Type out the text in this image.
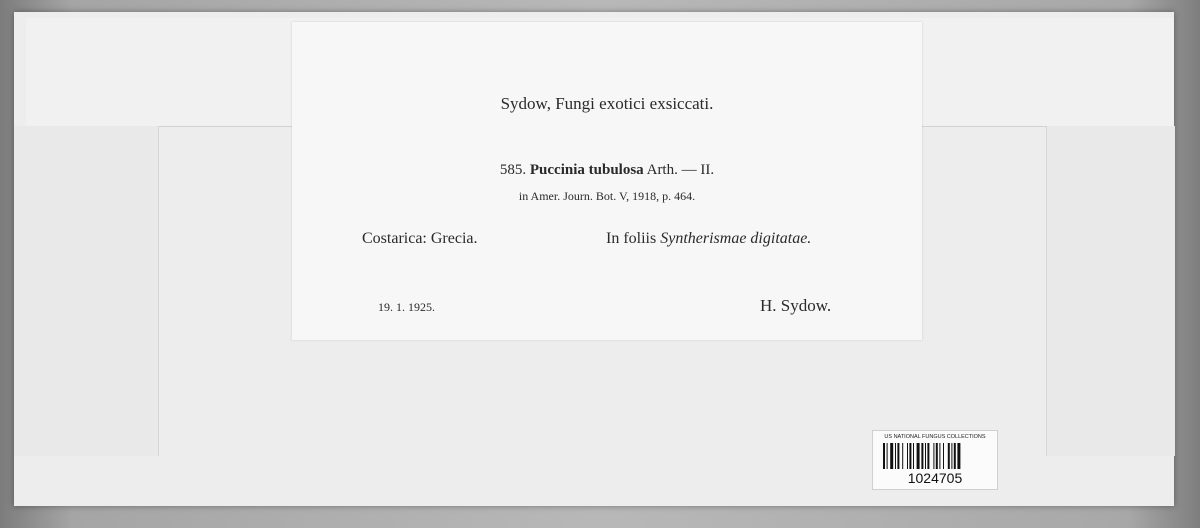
Sydow, Fungi exotici exsiccati.
585. Puccinia tubulosa Arth. — II.
in Amer. Journ. Bot. V, 1918, p. 464.
Costarica: Grecia.	In foliis Syntherismae digitatae.
19. 1. 1925.	H. Sydow.
US NATIONAL FUNGUS COLLECTIONS
1024705
